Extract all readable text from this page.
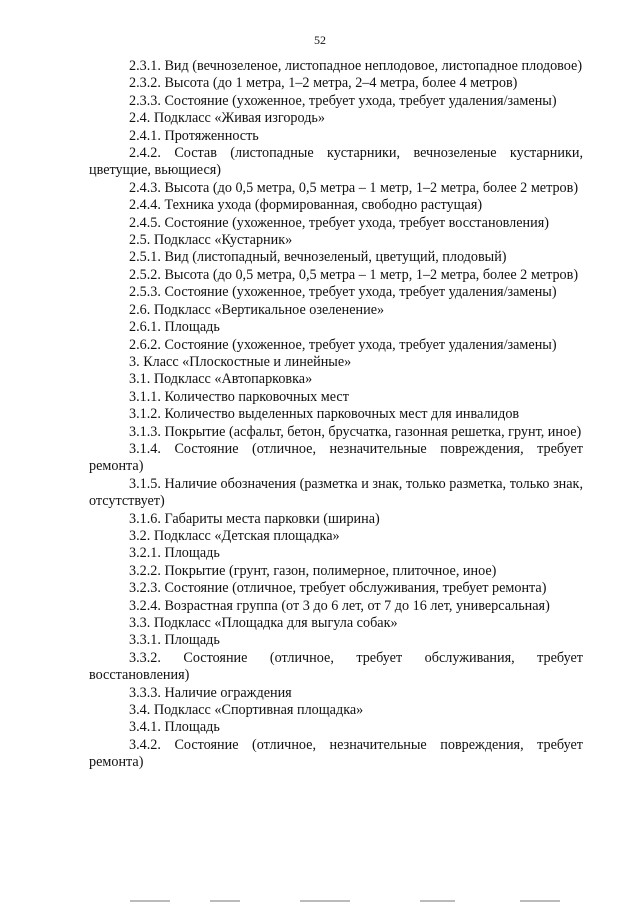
52
2.3.1. Вид (вечнозеленое, листопадное неплодовое, листопадное плодовое)
2.3.2. Высота (до 1 метра, 1–2 метра, 2–4 метра, более 4 метров)
2.3.3. Состояние (ухоженное, требует ухода, требует удаления/замены)
2.4. Подкласс «Живая изгородь»
2.4.1. Протяженность
2.4.2. Состав (листопадные кустарники, вечнозеленые кустарники, цветущие, вьющиеся)
2.4.3. Высота (до 0,5 метра, 0,5 метра – 1 метр, 1–2 метра, более 2 метров)
2.4.4. Техника ухода (формированная, свободно растущая)
2.4.5. Состояние (ухоженное, требует ухода, требует восстановления)
2.5. Подкласс «Кустарник»
2.5.1. Вид (листопадный, вечнозеленый, цветущий, плодовый)
2.5.2. Высота (до 0,5 метра, 0,5 метра – 1 метр, 1–2 метра, более 2 метров)
2.5.3. Состояние (ухоженное, требует ухода, требует удаления/замены)
2.6. Подкласс «Вертикальное озеленение»
2.6.1. Площадь
2.6.2. Состояние (ухоженное, требует ухода, требует удаления/замены)
3. Класс «Плоскостные и линейные»
3.1. Подкласс «Автопарковка»
3.1.1. Количество парковочных мест
3.1.2. Количество выделенных парковочных мест для инвалидов
3.1.3. Покрытие (асфальт, бетон, брусчатка, газонная решетка, грунт, иное)
3.1.4. Состояние (отличное, незначительные повреждения, требует ремонта)
3.1.5. Наличие обозначения (разметка и знак, только разметка, только знак, отсутствует)
3.1.6. Габариты места парковки (ширина)
3.2. Подкласс «Детская площадка»
3.2.1. Площадь
3.2.2. Покрытие (грунт, газон, полимерное, плиточное, иное)
3.2.3. Состояние (отличное, требует обслуживания, требует ремонта)
3.2.4. Возрастная группа (от 3 до 6 лет, от 7 до 16 лет, универсальная)
3.3. Подкласс «Площадка для выгула собак»
3.3.1. Площадь
3.3.2. Состояние (отличное, требует обслуживания, требует восстановления)
3.3.3. Наличие ограждения
3.4. Подкласс «Спортивная площадка»
3.4.1. Площадь
3.4.2. Состояние (отличное, незначительные повреждения, требует ремонта)
